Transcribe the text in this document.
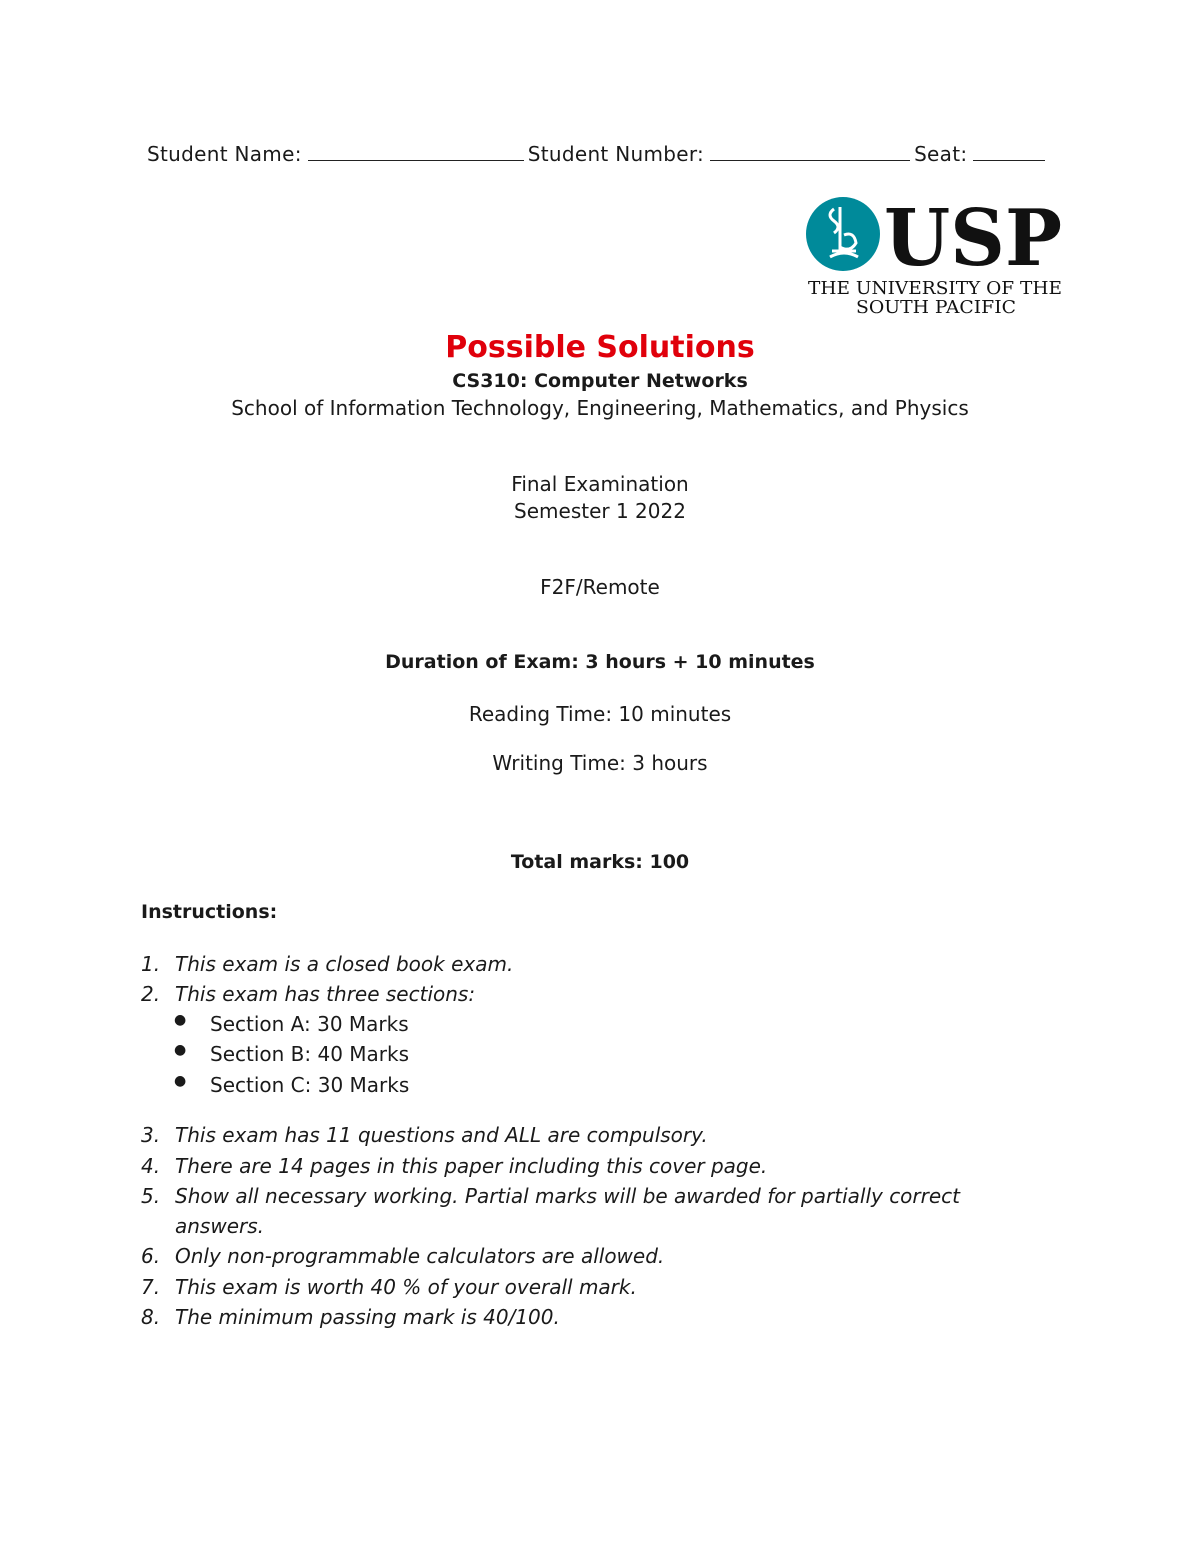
Student Name:	Student Number:	Seat:
USP
THE UNIVERSITY OF THE
SOUTH PACIFIC
Possible Solutions
CS310: Computer Networks
School of Information Technology, Engineering, Mathematics, and Physics
Final Examination
Semester 1 2022
F2F/Remote
Duration of Exam: 3 hours + 10 minutes
Reading Time: 10 minutes
Writing Time: 3 hours
Total marks: 100
Instructions:
1. This exam is a closed book exam.
2. This exam has three sections:
● Section A: 30 Marks
● Section B: 40 Marks
● Section C: 30 Marks
3. This exam has 11 questions and ALL are compulsory.
4. There are 14 pages in this paper including this cover page.
5. Show all necessary working. Partial marks will be awarded for partially correct
answers.
6. Only non-programmable calculators are allowed.
7. This exam is worth 40 % of your overall mark.
8. The minimum passing mark is 40/100.
